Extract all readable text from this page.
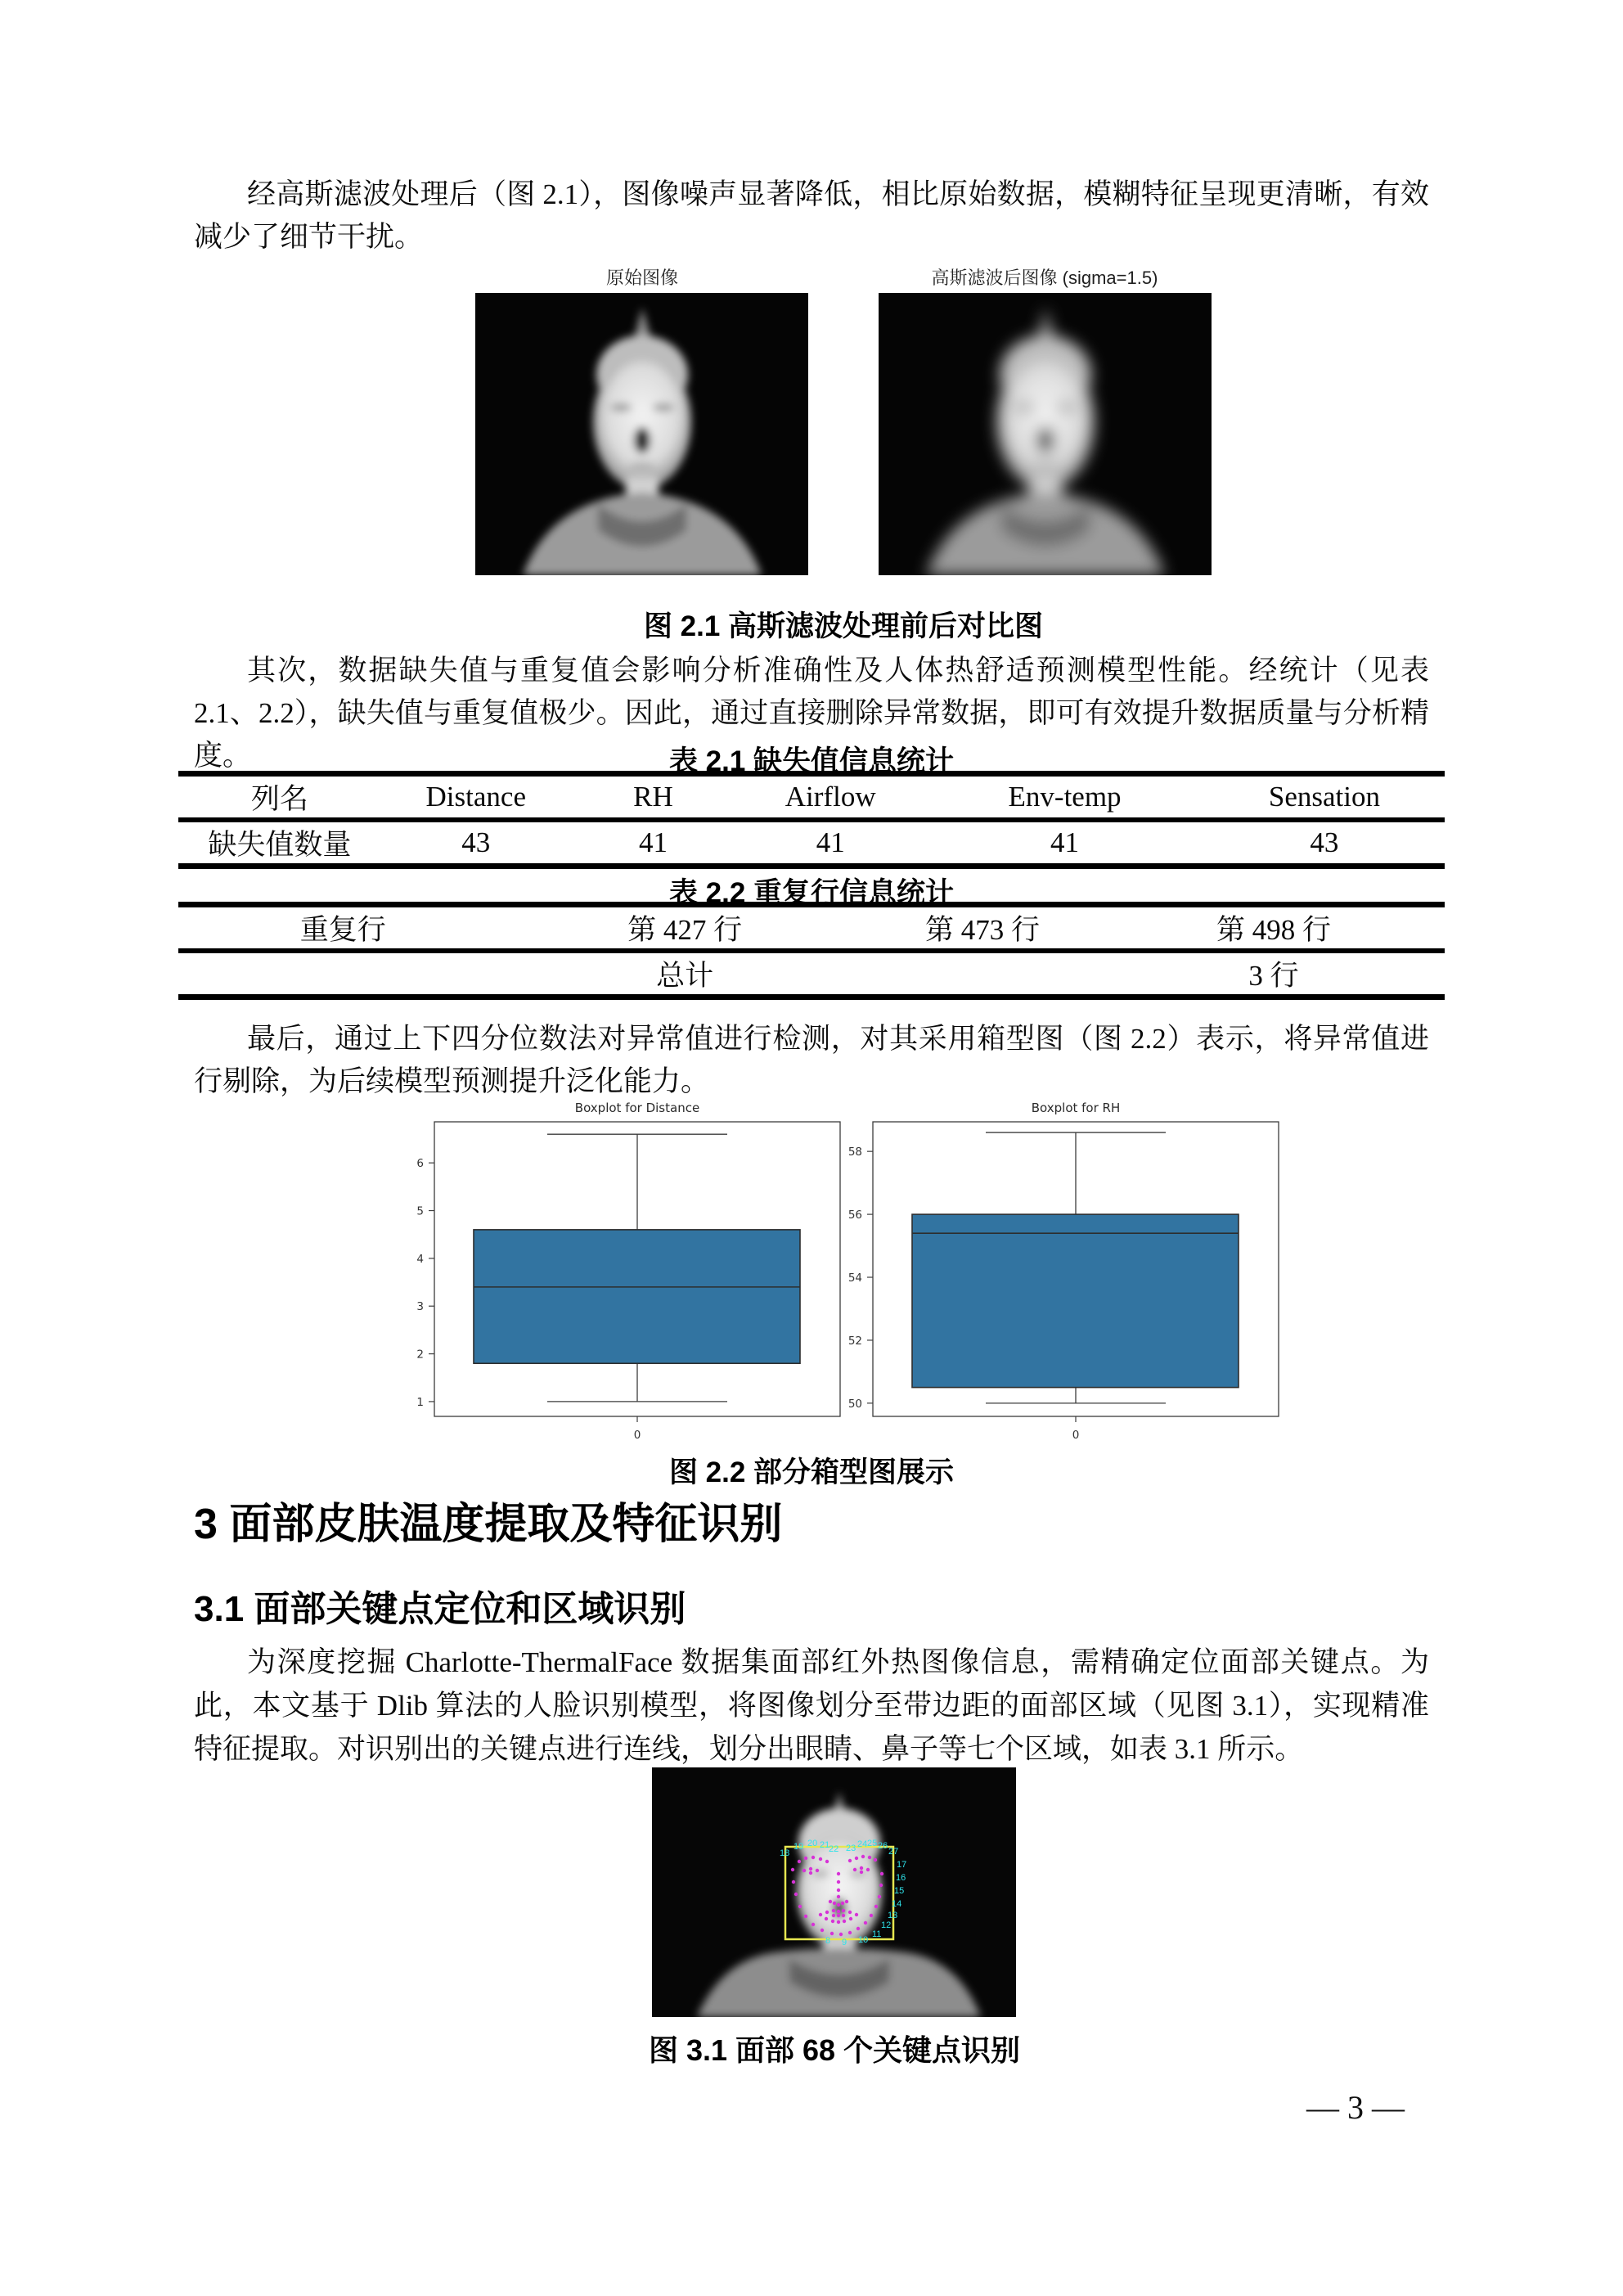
经高斯滤波处理后（图 2.1），图像噪声显著降低，相比原始数据，模糊特征呈现更清晰，有效减少了细节干扰。
原始图像	高斯滤波后图像 (sigma=1.5)
图 2.1 高斯滤波处理前后对比图
其次，数据缺失值与重复值会影响分析准确性及人体热舒适预测模型性能。经统计（见表 2.1、2.2），缺失值与重复值极少。因此，通过直接删除异常数据，即可有效提升数据质量与分析精度。	表 2.1 缺失值信息统计
列名	Distance	RH	Airflow	Env-temp	Sensation
缺失值数量	43	41	41	41	43
表 2.2 重复行信息统计
重复行	第 427 行	第 473 行	第 498 行
	总计		3 行
最后，通过上下四分位数法对异常值进行检测，对其采用箱型图（图 2.2）表示，将异常值进行剔除，为后续模型预测提升泛化能力。
1
2
3
4
5
6
0
Boxplot for Distance
50
52
54
56
58
0
Boxplot for RH
图 2.2 部分箱型图展示
3 面部皮肤温度提取及特征识别
3.1 面部关键点定位和区域识别
为深度挖掘 Charlotte-ThermalFace 数据集面部红外热图像信息，需精确定位面部关键点。为此，本文基于 Dlib 算法的人脸识别模型，将图像划分至带边距的面部区域（见图 3.1），实现精准特征提取。对识别出的关键点进行连线，划分出眼睛、鼻子等七个区域，如表 3.1 所示。
18
19 20 21
22 23 24 25 26
27
17
16
15
14
13
12
11
10
9
8
图 3.1 面部 68 个关键点识别
— 3 —
